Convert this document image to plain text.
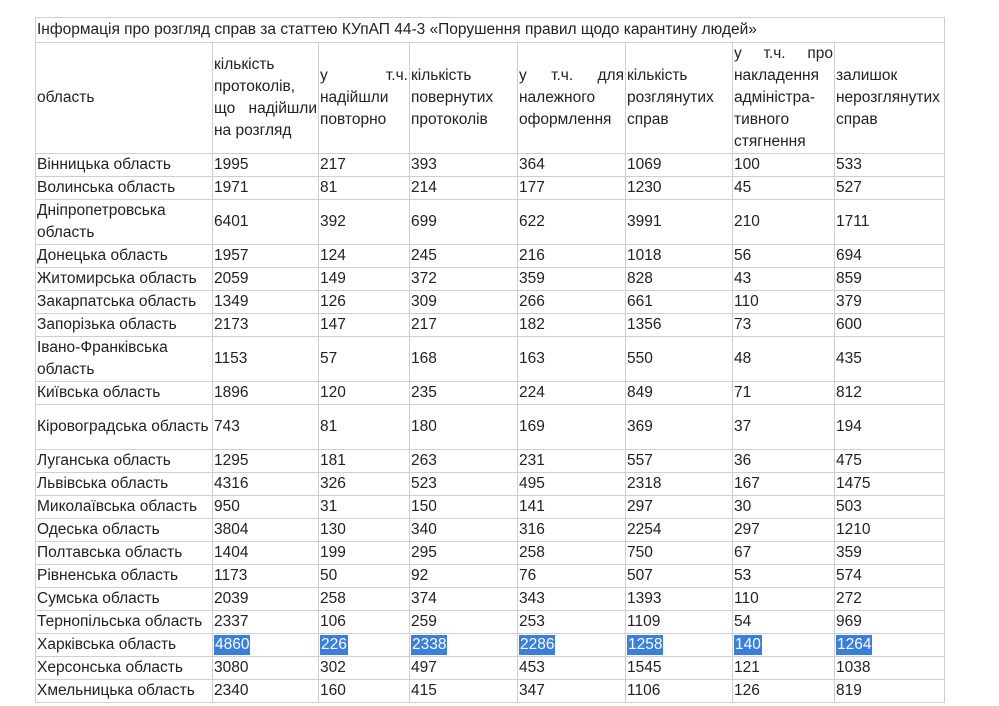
Інформація про розгляд справ за статтею КУпАП 44-3 «Порушення правил щодо карантину людей»							
область	кількість протоколів, що надійшли на розгляд	у т.ч. надійшли повторно	кількість повернутих протоколів	у т.ч. для належного оформлення	кількість розглянутих справ	у т.ч. про накладення адміністра-тивного стягнення	залишок нерозглянутих справ
Вінницька область	1995	217	393	364	1069	100	533
Волинська область	1971	81	214	177	1230	45	527
Дніпропетровська область	6401	392	699	622	3991	210	1711
Донецька область	1957	124	245	216	1018	56	694
Житомирська область	2059	149	372	359	828	43	859
Закарпатська область	1349	126	309	266	661	110	379
Запорізька область	2173	147	217	182	1356	73	600
Івано-Франківська область	1153	57	168	163	550	48	435
Київська область	1896	120	235	224	849	71	812
Кіровоградська область	743	81	180	169	369	37	194
Луганська область	1295	181	263	231	557	36	475
Львівська область	4316	326	523	495	2318	167	1475
Миколаївська область	950	31	150	141	297	30	503
Одеська область	3804	130	340	316	2254	297	1210
Полтавська область	1404	199	295	258	750	67	359
Рівненська область	1173	50	92	76	507	53	574
Сумська область	2039	258	374	343	1393	110	272
Тернопільська область	2337	106	259	253	1109	54	969
Харківська область	4860	226	2338	2286	1258	140	1264
Херсонська область	3080	302	497	453	1545	121	1038
Хмельницька область	2340	160	415	347	1106	126	819
